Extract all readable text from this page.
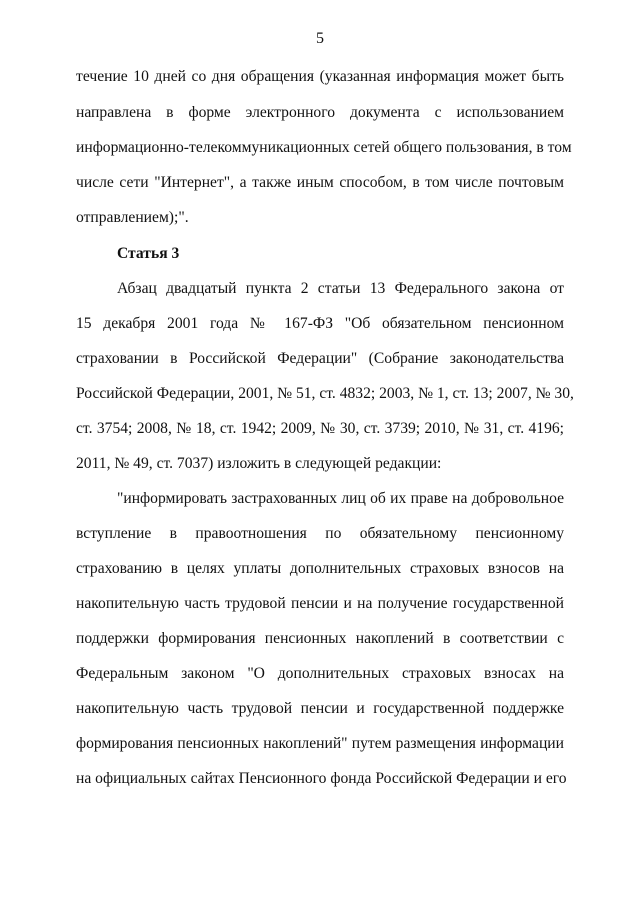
5
течение 10 дней со дня обращения (указанная информация может быть
направлена в форме электронного документа с использованием
информационно-телекоммуникационных сетей общего пользования, в том
числе сети "Интернет", а также иным способом, в том числе почтовым
отправлением);".
Статья 3
Абзац двадцатый пункта 2 статьи 13 Федерального закона от
15 декабря 2001 года № 167-ФЗ "Об обязательном пенсионном
страховании в Российской Федерации" (Собрание законодательства
Российской Федерации, 2001, № 51, ст. 4832; 2003, № 1, ст. 13; 2007, № 30,
ст. 3754; 2008, № 18, ст. 1942; 2009, № 30, ст. 3739; 2010, № 31, ст. 4196;
2011, № 49, ст. 7037) изложить в следующей редакции:
"информировать застрахованных лиц об их праве на добровольное
вступление в правоотношения по обязательному пенсионному
страхованию в целях уплаты дополнительных страховых взносов на
накопительную часть трудовой пенсии и на получение государственной
поддержки формирования пенсионных накоплений в соответствии с
Федеральным законом "О дополнительных страховых взносах на
накопительную часть трудовой пенсии и государственной поддержке
формирования пенсионных накоплений" путем размещения информации
на официальных сайтах Пенсионного фонда Российской Федерации и его
